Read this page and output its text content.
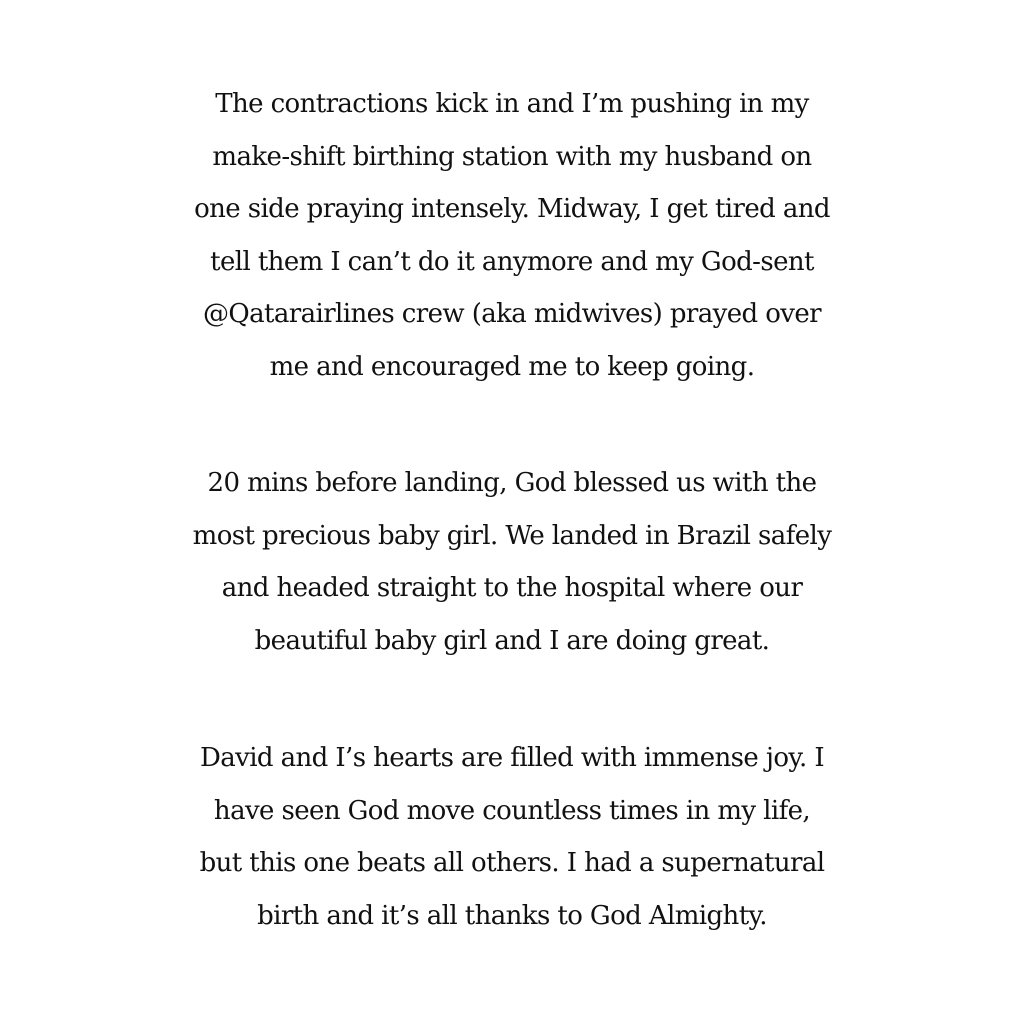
The contractions kick in and I’m pushing in my
make-shift birthing station with my husband on
one side praying intensely. Midway, I get tired and
tell them I can’t do it anymore and my God-sent
@Qatarairlines crew (aka midwives) prayed over
me and encouraged me to keep going.

20 mins before landing, God blessed us with the
most precious baby girl. We landed in Brazil safely
and headed straight to the hospital where our
beautiful baby girl and I are doing great.

David and I’s hearts are filled with immense joy. I
have seen God move countless times in my life,
but this one beats all others. I had a supernatural
birth and it’s all thanks to God Almighty.
